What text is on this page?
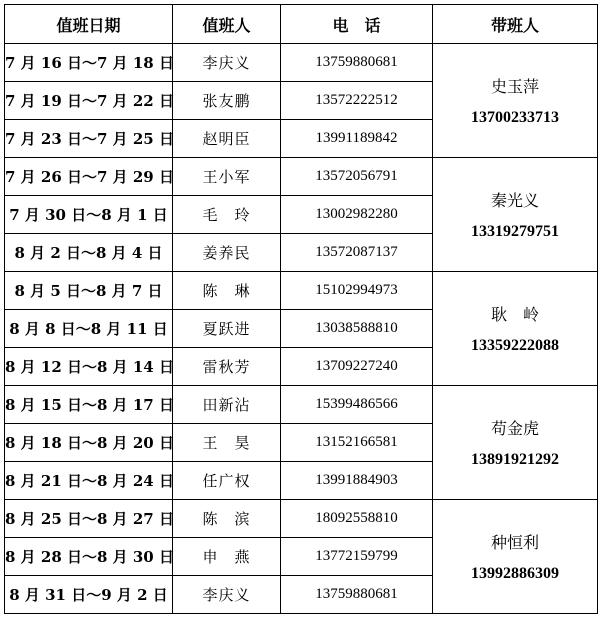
值班日期	值班人	电　话	带班人
7 月 16 日～7 月 18 日	李庆义	13759880681	史玉萍
13700233713

7 月 19 日～7 月 22 日	张友鹏	13572222512	
7 月 23 日～7 月 25 日	赵明臣	13991189842	
7 月 26 日～7 月 29 日	王小军	13572056791	秦光义
13319279751

7 月 30 日～8 月 1 日	毛　玲	13002982280	
8 月 2 日～8 月 4 日	姜养民	13572087137	
8 月 5 日～8 月 7 日	陈　琳	15102994973	耿　岭
13359222088

8 月 8 日～8 月 11 日	夏跃进	13038588810	
8 月 12 日～8 月 14 日	雷秋芳	13709227240	
8 月 15 日～8 月 17 日	田新沾	15399486566	苟金虎
13891921292

8 月 18 日～8 月 20 日	王　昊	13152166581	
8 月 21 日～8 月 24 日	任广权	13991884903	
8 月 25 日～8 月 27 日	陈　滨	18092558810	种恒利
13992886309

8 月 28 日～8 月 30 日	申　燕	13772159799	
8 月 31 日～9 月 2 日	李庆义	13759880681	
